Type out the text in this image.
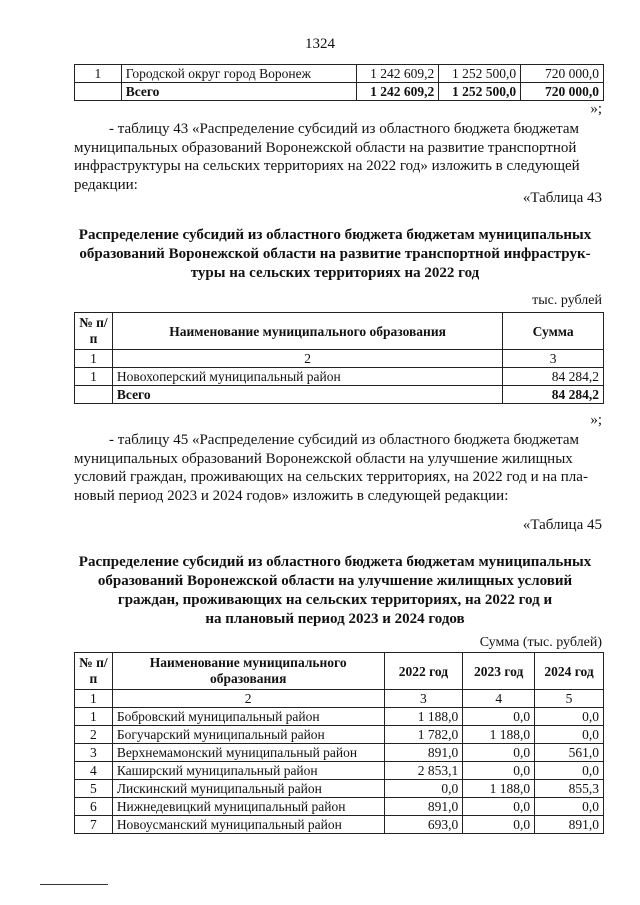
1324
1	Городской округ город Воронеж	1 242 609,2	1 252 500,0	720 000,0
	Всего	1 242 609,2	1 252 500,0	720 000,0
»;
- таблицу 43 «Распределение субсидий из областного бюджета бюджетам
муниципальных образований Воронежской области на развитие транспортной
инфраструктуры на сельских территориях на 2022 год» изложить в следующей
редакции:
«Таблица 43
Распределение субсидий из областного бюджета бюджетам муниципальных
образований Воронежской области на развитие транспортной инфраструк-
туры на сельских территориях на 2022 год
тыс. рублей
№ п/п	Наименование муниципального образования	Сумма
1	2	3
1	Новохоперский муниципальный район	84 284,2
	Всего	84 284,2
»;
- таблицу 45 «Распределение субсидий из областного бюджета бюджетам
муниципальных образований Воронежской области на улучшение жилищных
условий граждан, проживающих на сельских территориях, на 2022 год и на пла-
новый период 2023 и 2024 годов» изложить в следующей редакции:
«Таблица 45
Распределение субсидий из областного бюджета бюджетам муниципальных
образований Воронежской области на улучшение жилищных условий
граждан, проживающих на сельских территориях, на 2022 год и
на плановый период 2023 и 2024 годов
Сумма (тыс. рублей)
№ п/п	Наименование муниципального образования	2022 год	2023 год	2024 год
1	2	3	4	5
1	Бобровский муниципальный район	1 188,0	0,0	0,0
2	Богучарский муниципальный район	1 782,0	1 188,0	0,0
3	Верхнемамонский муниципальный район	891,0	0,0	561,0
4	Каширский муниципальный район	2 853,1	0,0	0,0
5	Лискинский муниципальный район	0,0	1 188,0	855,3
6	Нижнедевицкий муниципальный район	891,0	0,0	0,0
7	Новоусманский муниципальный район	693,0	0,0	891,0
